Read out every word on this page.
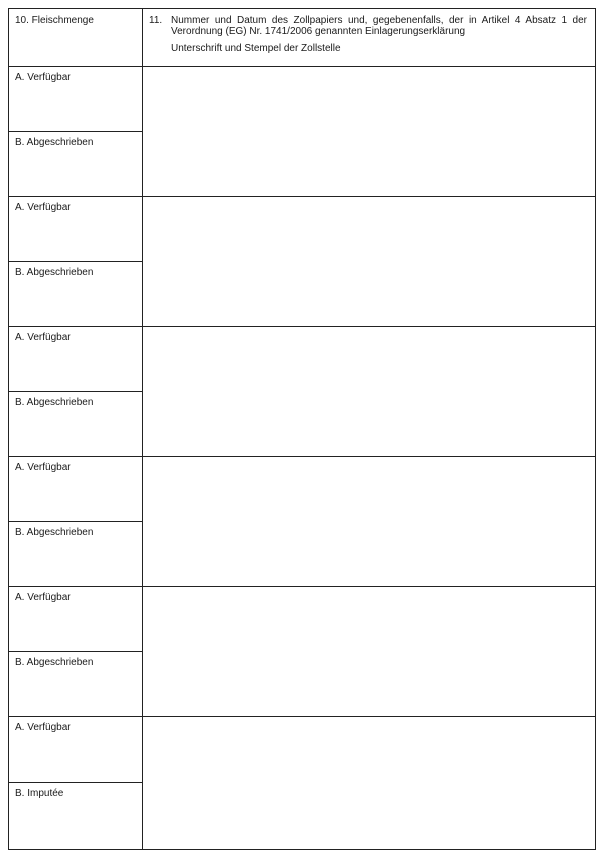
10. Fleischmenge	11. Nummer und Datum des Zollpapiers und, gegebenenfalls, der in Artikel 4 Absatz 1 der Verordnung (EG) Nr. 1741/2006 genannten Einlagerungserklärung
Unterschrift und Stempel der Zollstelle
A. Verfügbar
B. Abgeschrieben
A. Verfügbar
B. Abgeschrieben
A. Verfügbar
B. Abgeschrieben
A. Verfügbar
B. Abgeschrieben
A. Verfügbar
B. Abgeschrieben
A. Verfügbar
B. Imputée
